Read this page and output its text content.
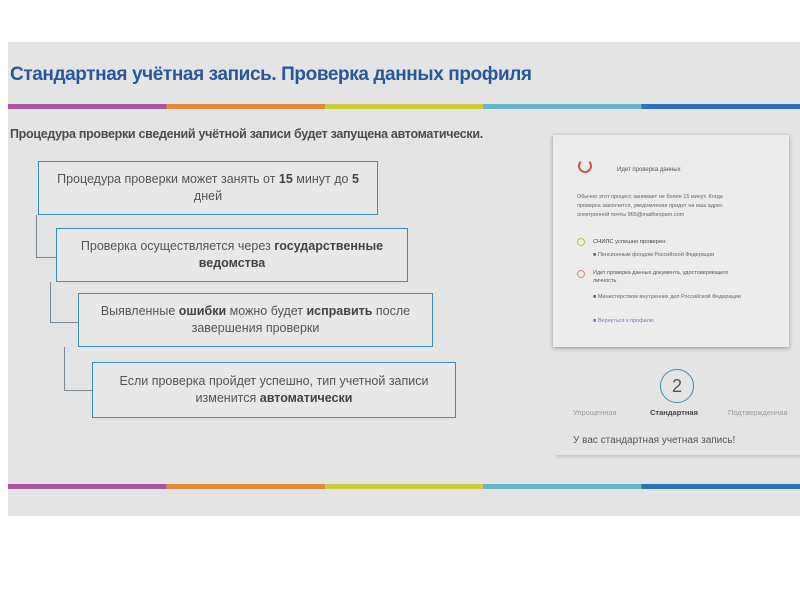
Стандартная учётная запись. Проверка данных профиля
Процедура проверки сведений учётной записи будет запущена автоматически.
Процедура проверки может занять от 15 минут до 5 дней
Проверка осуществляется через государственные ведомства
Выявленные ошибки можно будет исправить после завершения проверки
Если проверка пройдет успешно, тип учетной записи изменится автоматически
Идет проверка данных
Обычно этот процесс занимает не более 15 минут. Когда проверка закончится, уведомление придет на ваш адрес электронной почты 965@mailforspam.com
СНИЛС успешно проверен
■ Пенсионным фондом Российской Федерации
Идет проверка данных документа, удостоверяющего личность
■ Министерством внутренних дел Российской Федерации
■ Вернуться к профилю
2
Упрощенная	Стандартная	Подтвержденная
У вас стандартная учетная запись!
